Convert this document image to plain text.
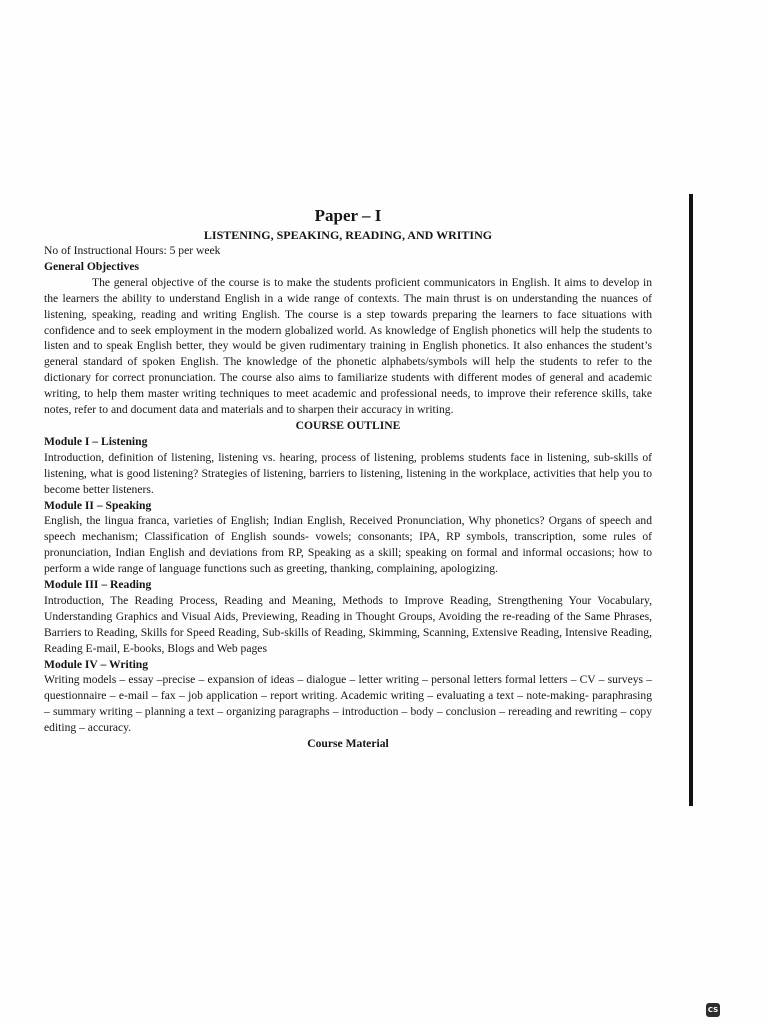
Paper – I

LISTENING, SPEAKING, READING, AND WRITING

No of Instructional Hours: 5 per week

General Objectives

The general objective of the course is to make the students proficient communicators in English. It aims to develop in the learners the ability to understand English in a wide range of contexts. The main thrust is on understanding the nuances of listening, speaking, reading and writing English. The course is a step towards preparing the learners to face situations with confidence and to seek employment in the modern globalized world. As knowledge of English phonetics will help the students to listen and to speak English better, they would be given rudimentary training in English phonetics. It also enhances the student’s general standard of spoken English. The knowledge of the phonetic alphabets/symbols will help the students to refer to the dictionary for correct pronunciation. The course also aims to familiarize students with different modes of general and academic writing, to help them master writing techniques to meet academic and professional needs, to improve their reference skills, take notes, refer to and document data and materials and to sharpen their accuracy in writing.

COURSE OUTLINE

Module I – Listening

Introduction, definition of listening, listening vs. hearing, process of listening, problems students face in listening, sub-skills of listening, what is good listening? Strategies of listening, barriers to listening, listening in the workplace, activities that help you to become better listeners.

Module II – Speaking

English, the lingua franca, varieties of English; Indian English, Received Pronunciation, Why phonetics? Organs of speech and speech mechanism; Classification of English sounds- vowels; consonants; IPA, RP symbols, transcription, some rules of pronunciation, Indian English and deviations from RP, Speaking as a skill; speaking on formal and informal occasions; how to perform a wide range of language functions such as greeting, thanking, complaining, apologizing.

Module III – Reading

Introduction, The Reading Process, Reading and Meaning, Methods to Improve Reading, Strengthening Your Vocabulary, Understanding Graphics and Visual Aids, Previewing, Reading in Thought Groups, Avoiding the re-reading of the Same Phrases, Barriers to Reading, Skills for Speed Reading, Sub-skills of Reading, Skimming, Scanning, Extensive Reading, Intensive Reading, Reading E-mail, E-books, Blogs and Web pages

Module IV – Writing

Writing models – essay –precise – expansion of ideas – dialogue – letter writing – personal letters formal letters – CV – surveys – questionnaire – e-mail – fax – job application – report writing. Academic writing – evaluating a text – note-making- paraphrasing – summary writing – planning a text – organizing paragraphs – introduction – body – conclusion – rereading and rewriting – copy editing – accuracy.

Course Material

CS
